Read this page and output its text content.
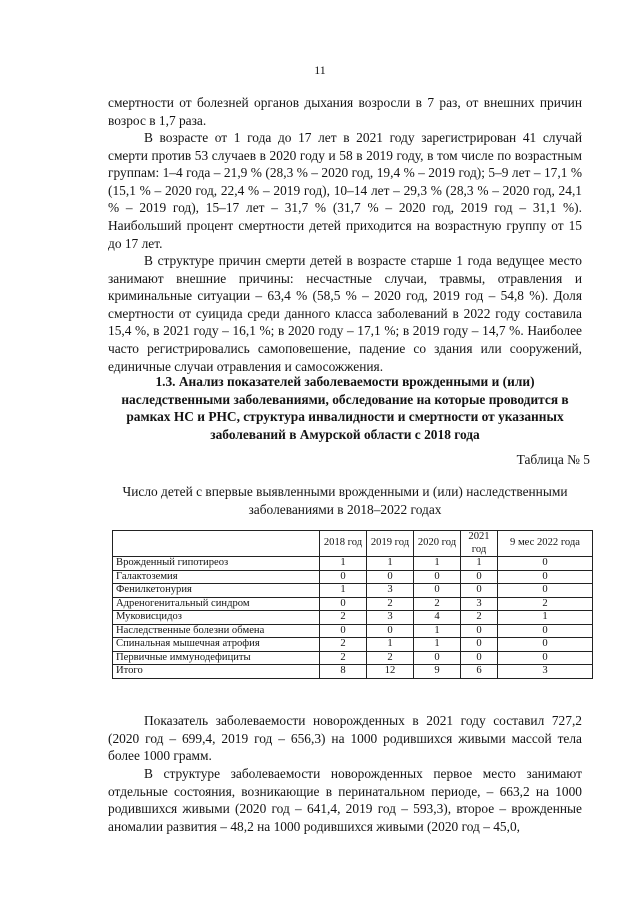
11

смертности от болезней органов дыхания возросли в 7 раз, от внешних причин возрос в 1,7 раза.

В возрасте от 1 года до 17 лет в 2021 году зарегистрирован 41 случай смерти против 53 случаев в 2020 году и 58 в 2019 году, в том числе по возрастным группам: 1–4 года – 21,9 % (28,3 % – 2020 год, 19,4 % – 2019 год); 5–9 лет – 17,1 % (15,1 % – 2020 год, 22,4 % – 2019 год), 10–14 лет – 29,3 % (28,3 % – 2020 год, 24,1 % – 2019 год), 15–17 лет – 31,7 % (31,7 % – 2020 год, 2019 год – 31,1 %). Наибольший процент смертности детей приходится на возрастную группу от 15 до 17 лет.

В структуре причин смерти детей в возрасте старше 1 года ведущее место занимают внешние причины: несчастные случаи, травмы, отравления и криминальные ситуации – 63,4 % (58,5 % – 2020 год, 2019 год – 54,8 %). Доля смертности от суицида среди данного класса заболеваний в 2022 году составила 15,4 %, в 2021 году – 16,1 %; в 2020 году – 17,1 %; в 2019 году – 14,7 %. Наиболее часто регистрировались самоповешение, падение со здания или сооружений, единичные случаи отравления и самосожжения.

1.3. Анализ показателей заболеваемости врожденными и (или) наследственными заболеваниями, обследование на которые проводится в рамках НС и РНС, структура инвалидности и смертности от указанных заболеваний в Амурской области с 2018 года

Таблица № 5

Число детей с впервые выявленными врожденными и (или) наследственными заболеваниями в 2018–2022 годах

	2018 год	2019 год	2020 год	2021 год	9 мес 2022 года
Врожденный гипотиреоз	1	1	1	1	0
Галактоземия	0	0	0	0	0
Фенилкетонурия	1	3	0	0	0
Адреногенитальный синдром	0	2	2	3	2
Муковисцидоз	2	3	4	2	1
Наследственные болезни обмена	0	0	1	0	0
Спинальная мышечная атрофия	2	1	1	0	0
Первичные иммунодефициты	2	2	0	0	0
Итого	8	12	9	6	3

Показатель заболеваемости новорожденных в 2021 году составил 727,2 (2020 год – 699,4, 2019 год – 656,3) на 1000 родившихся живыми массой тела более 1000 грамм.

В структуре заболеваемости новорожденных первое место занимают отдельные состояния, возникающие в перинатальном периоде, – 663,2 на 1000 родившихся живыми (2020 год – 641,4, 2019 год – 593,3), второе – врожденные аномалии развития – 48,2 на 1000 родившихся живыми (2020 год – 45,0,
